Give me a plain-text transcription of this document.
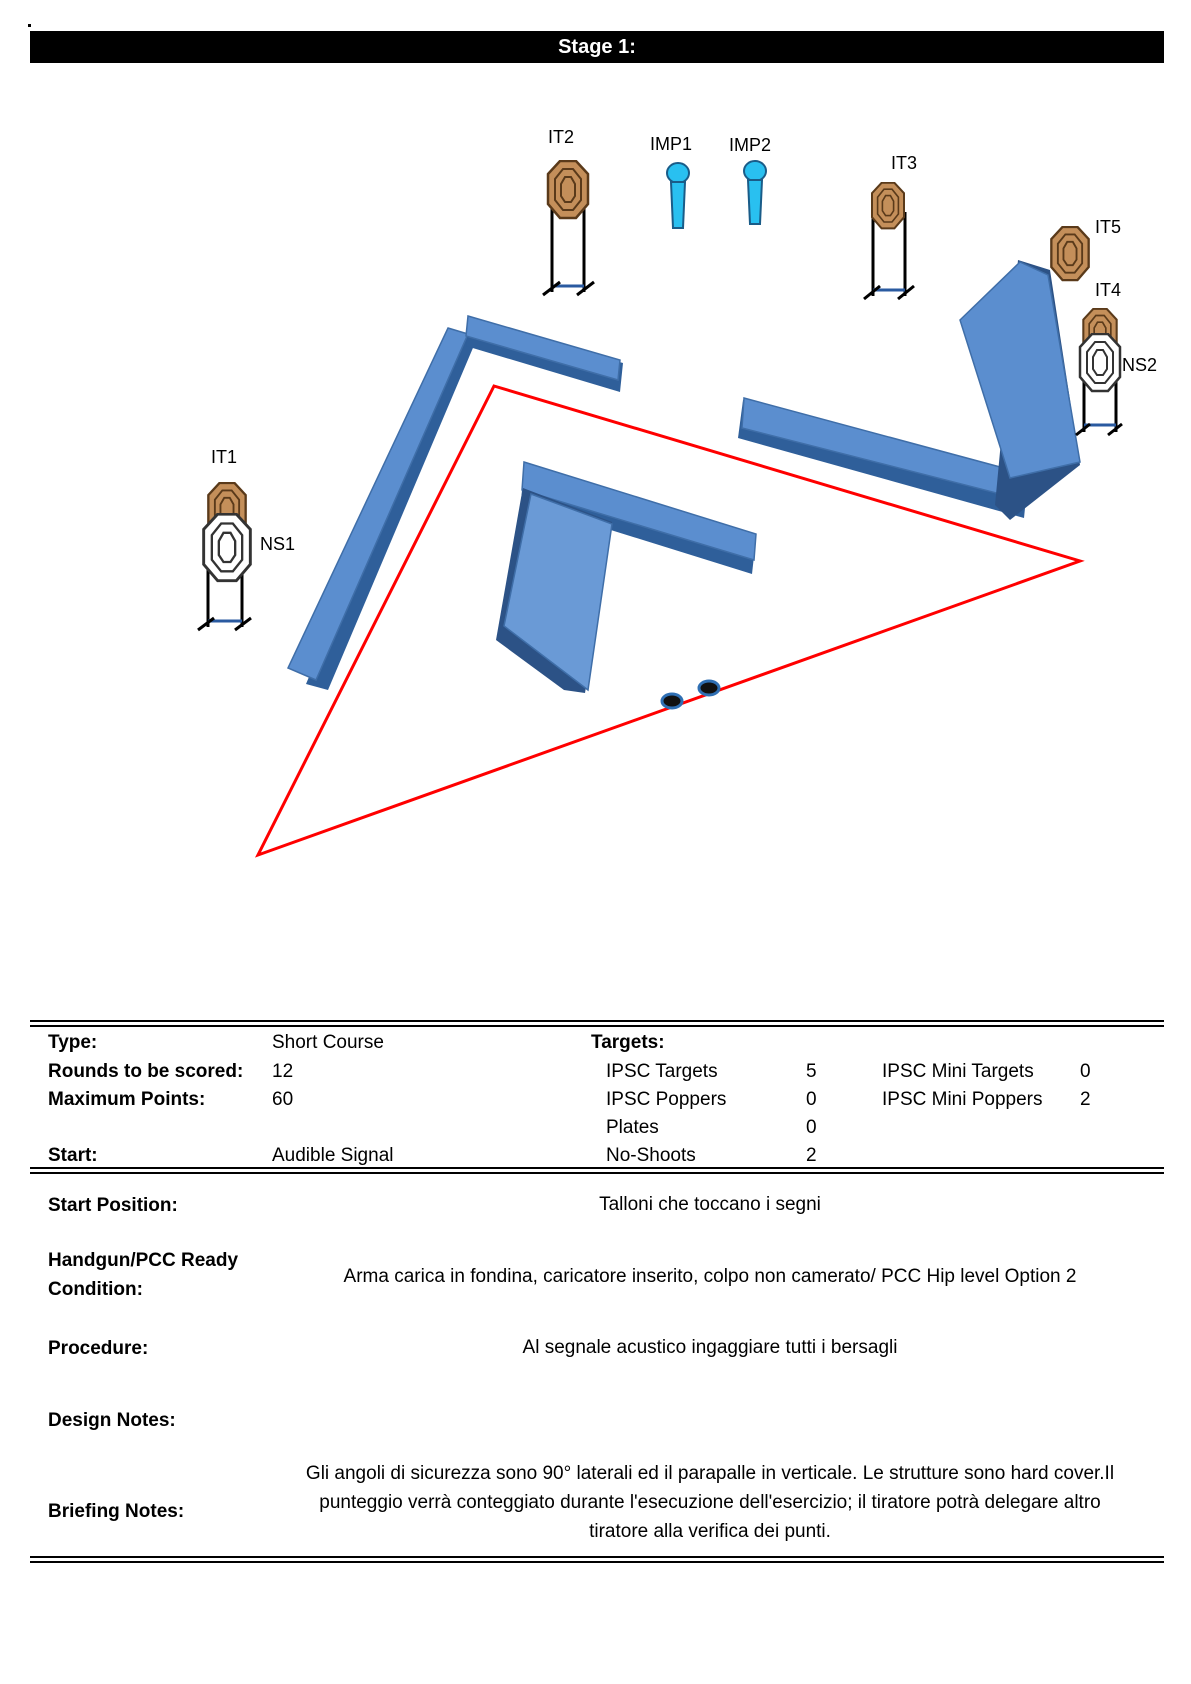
Stage 1:
IT2	IMP1 IMP2
IT3
IT5
IT4
NS2
IT1
NS1
Type:	Short Course	Targets:
Rounds to be scored: 12	IPSC Targets	5	IPSC Mini Targets 0
Maximum Points:	60	IPSC Poppers	0	IPSC Mini Poppers 2
Plates	0
Start:	Audible Signal	No-Shoots	2
Start Position:	Talloni che toccano i segni
Handgun/PCC Ready
Condition:
Arma carica in fondina, caricatore inserito, colpo non camerato/ PCC Hip level Option 2
Procedure:	Al segnale acustico ingaggiare tutti i bersagli
Design Notes:
Briefing Notes:
Gli angoli di sicurezza sono 90° laterali ed il parapalle in verticale. Le strutture sono hard cover.Il
punteggio verrà conteggiato durante l'esecuzione dell'esercizio; il tiratore potrà delegare altro
tiratore alla verifica dei punti.
